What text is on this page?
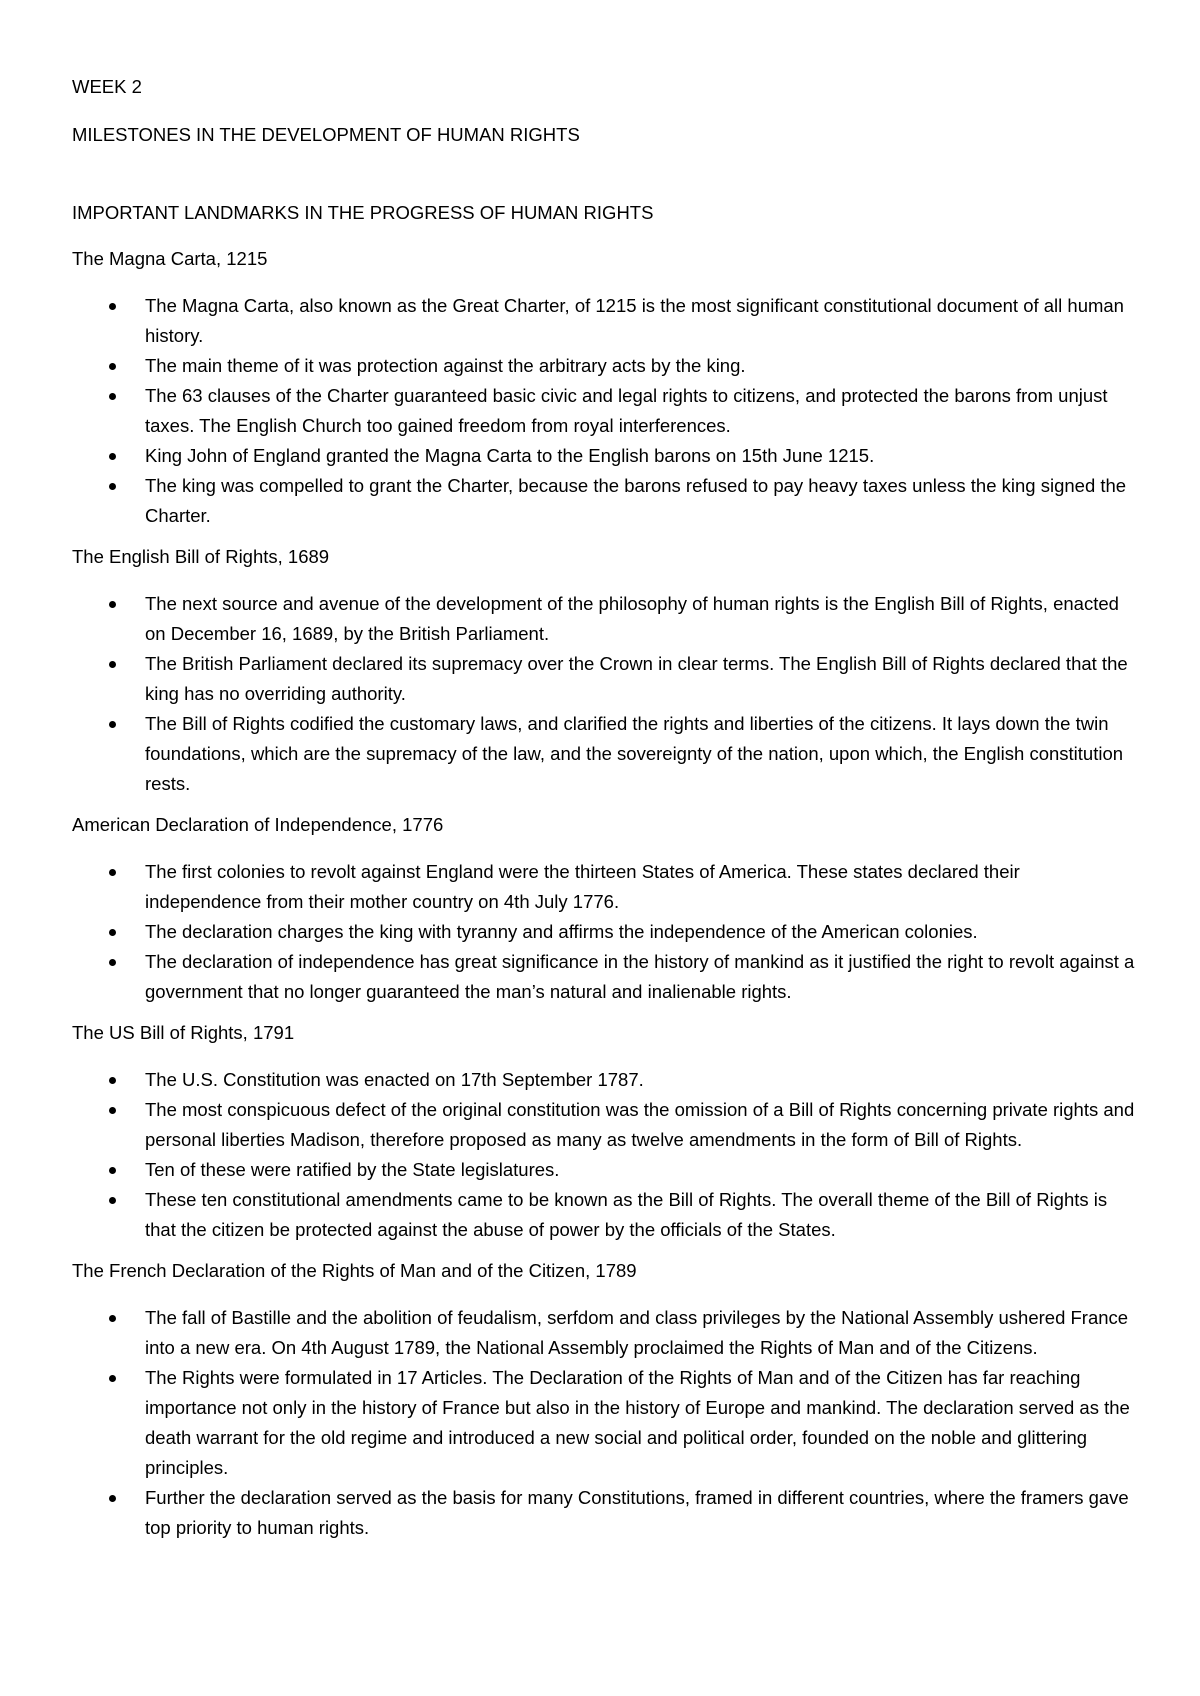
WEEK 2

MILESTONES IN THE DEVELOPMENT OF HUMAN RIGHTS

IMPORTANT LANDMARKS IN THE PROGRESS OF HUMAN RIGHTS

The Magna Carta, 1215

The Magna Carta, also known as the Great Charter, of 1215 is the most significant constitutional document of all human history.
The main theme of it was protection against the arbitrary acts by the king.
The 63 clauses of the Charter guaranteed basic civic and legal rights to citizens, and protected the barons from unjust taxes. The English Church too gained freedom from royal interferences.
King John of England granted the Magna Carta to the English barons on 15th June 1215.
The king was compelled to grant the Charter, because the barons refused to pay heavy taxes unless the king signed the Charter.

The English Bill of Rights, 1689

The next source and avenue of the development of the philosophy of human rights is the English Bill of Rights, enacted on December 16, 1689, by the British Parliament.
The British Parliament declared its supremacy over the Crown in clear terms. The English Bill of Rights declared that the king has no overriding authority.
The Bill of Rights codified the customary laws, and clarified the rights and liberties of the citizens. It lays down the twin foundations, which are the supremacy of the law, and the sovereignty of the nation, upon which, the English constitution rests.

American Declaration of Independence, 1776

The first colonies to revolt against England were the thirteen States of America. These states declared their independence from their mother country on 4th July 1776.
The declaration charges the king with tyranny and affirms the independence of the American colonies.
The declaration of independence has great significance in the history of mankind as it justified the right to revolt against a government that no longer guaranteed the man’s natural and inalienable rights.

The US Bill of Rights, 1791

The U.S. Constitution was enacted on 17th September 1787.
The most conspicuous defect of the original constitution was the omission of a Bill of Rights concerning private rights and personal liberties Madison, therefore proposed as many as twelve amendments in the form of Bill of Rights.
Ten of these were ratified by the State legislatures.
These ten constitutional amendments came to be known as the Bill of Rights. The overall theme of the Bill of Rights is that the citizen be protected against the abuse of power by the officials of the States.

The French Declaration of the Rights of Man and of the Citizen, 1789

The fall of Bastille and the abolition of feudalism, serfdom and class privileges by the National Assembly ushered France into a new era. On 4th August 1789, the National Assembly proclaimed the Rights of Man and of the Citizens.
The Rights were formulated in 17 Articles. The Declaration of the Rights of Man and of the Citizen has far reaching importance not only in the history of France but also in the history of Europe and mankind. The declaration served as the death warrant for the old regime and introduced a new social and political order, founded on the noble and glittering principles.
Further the declaration served as the basis for many Constitutions, framed in different countries, where the framers gave top priority to human rights.
